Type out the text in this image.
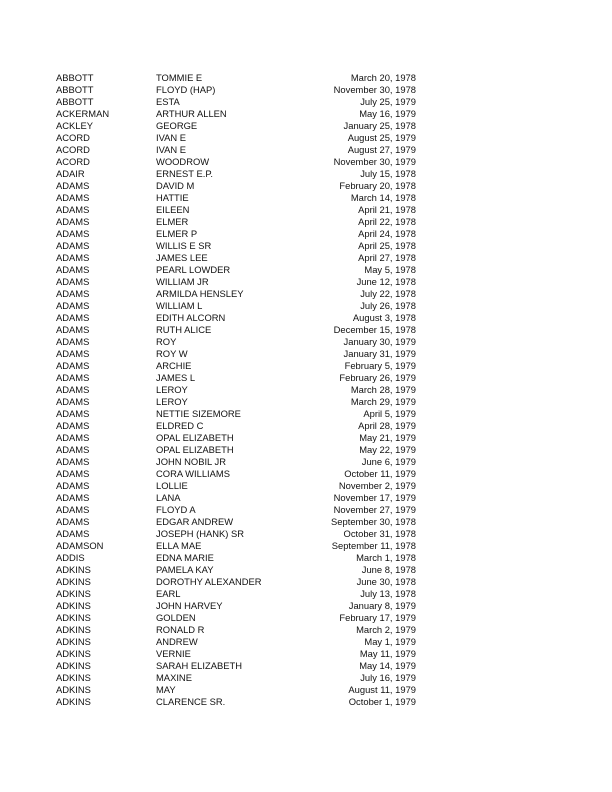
ABBOTT	TOMMIE E	March 20, 1978
ABBOTT	FLOYD (HAP)	November 30, 1978
ABBOTT	ESTA	July 25, 1979
ACKERMAN	ARTHUR ALLEN	May 16, 1979
ACKLEY	GEORGE	January 25, 1978
ACORD	IVAN E	August 25, 1979
ACORD	IVAN E	August 27, 1979
ACORD	WOODROW	November 30, 1979
ADAIR	ERNEST E.P.	July 15, 1978
ADAMS	DAVID M	February 20, 1978
ADAMS	HATTIE	March 14, 1978
ADAMS	EILEEN	April 21, 1978
ADAMS	ELMER	April 22, 1978
ADAMS	ELMER P	April 24, 1978
ADAMS	WILLIS E SR	April 25, 1978
ADAMS	JAMES LEE	April 27, 1978
ADAMS	PEARL LOWDER	May 5, 1978
ADAMS	WILLIAM JR	June 12, 1978
ADAMS	ARMILDA HENSLEY	July 22, 1978
ADAMS	WILLIAM L	July 26, 1978
ADAMS	EDITH ALCORN	August 3, 1978
ADAMS	RUTH ALICE	December 15, 1978
ADAMS	ROY	January 30, 1979
ADAMS	ROY W	January 31, 1979
ADAMS	ARCHIE	February 5, 1979
ADAMS	JAMES L	February 26, 1979
ADAMS	LEROY	March 28, 1979
ADAMS	LEROY	March 29, 1979
ADAMS	NETTIE SIZEMORE	April 5, 1979
ADAMS	ELDRED C	April 28, 1979
ADAMS	OPAL ELIZABETH	May 21, 1979
ADAMS	OPAL ELIZABETH	May 22, 1979
ADAMS	JOHN NOBIL JR	June 6, 1979
ADAMS	CORA WILLIAMS	October 11, 1979
ADAMS	LOLLIE	November 2, 1979
ADAMS	LANA	November 17, 1979
ADAMS	FLOYD A	November 27, 1979
ADAMS	EDGAR ANDREW	September 30, 1978
ADAMS	JOSEPH (HANK) SR	October 31, 1978
ADAMSON	ELLA MAE	September 11, 1978
ADDIS	EDNA MARIE	March 1, 1978
ADKINS	PAMELA KAY	June 8, 1978
ADKINS	DOROTHY ALEXANDER	June 30, 1978
ADKINS	EARL	July 13, 1978
ADKINS	JOHN HARVEY	January 8, 1979
ADKINS	GOLDEN	February 17, 1979
ADKINS	RONALD R	March 2, 1979
ADKINS	ANDREW	May 1, 1979
ADKINS	VERNIE	May 11, 1979
ADKINS	SARAH ELIZABETH	May 14, 1979
ADKINS	MAXINE	July 16, 1979
ADKINS	MAY	August 11, 1979
ADKINS	CLARENCE SR.	October 1, 1979
